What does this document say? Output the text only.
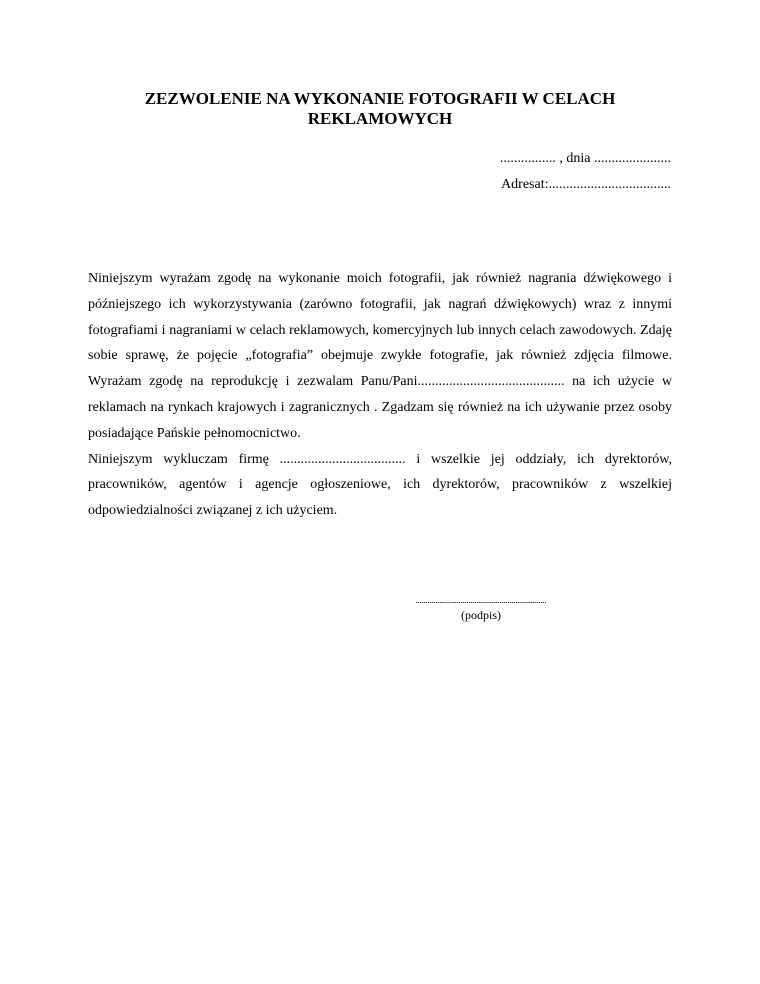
ZEZWOLENIE NA WYKONANIE FOTOGRAFII W CELACH REKLAMOWYCH
................ , dnia ......................
Adresat:...................................

Niniejszym wyrażam zgodę na wykonanie moich fotografii, jak również nagrania dźwiękowego i późniejszego ich wykorzystywania (zarówno fotografii, jak nagrań dźwiękowych) wraz z innymi fotografiami i nagraniami w celach reklamowych, komercyjnych lub innych celach zawodowych. Zdaję sobie sprawę, że pojęcie „fotografia” obejmuje zwykłe fotografie, jak również zdjęcia filmowe. Wyrażam zgodę na reprodukcję i zezwalam Panu/Pani.......................................... na ich użycie w reklamach na rynkach krajowych i zagranicznych . Zgadzam się również na ich używanie przez osoby posiadające Pańskie pełnomocnictwo.

Niniejszym wykluczam firmę .................................... i wszelkie jej oddziały, ich dyrektorów, pracowników, agentów i agencje ogłoszeniowe, ich dyrektorów, pracowników z wszelkiej odpowiedzialności związanej z ich użyciem.

...................................................................
(podpis)
